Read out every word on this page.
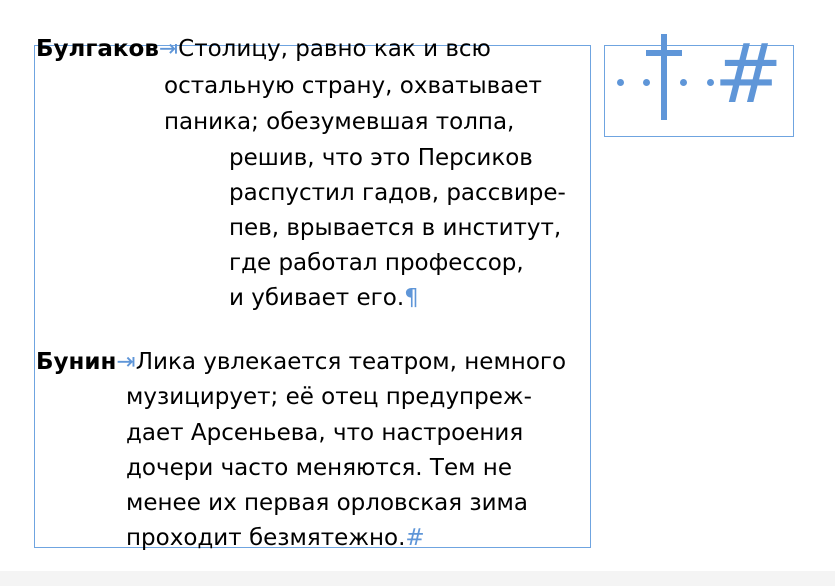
Булгаков⇥Столицу, равно как и всю
остальную страну, охватывает
паника; обезумевшая толпа,
решив, что это Персиков
распустил гадов, рассвире-
пев, врывается в институт,
где работал профессор,
и убивает его.¶
Бунин⇥Лика увлекается театром, немного
музицирует; её отец предупреж-
дает Арсеньева, что настроения
дочери часто меняются. Тем не
менее их первая орловская зима
проходит безмятежно.#
#
